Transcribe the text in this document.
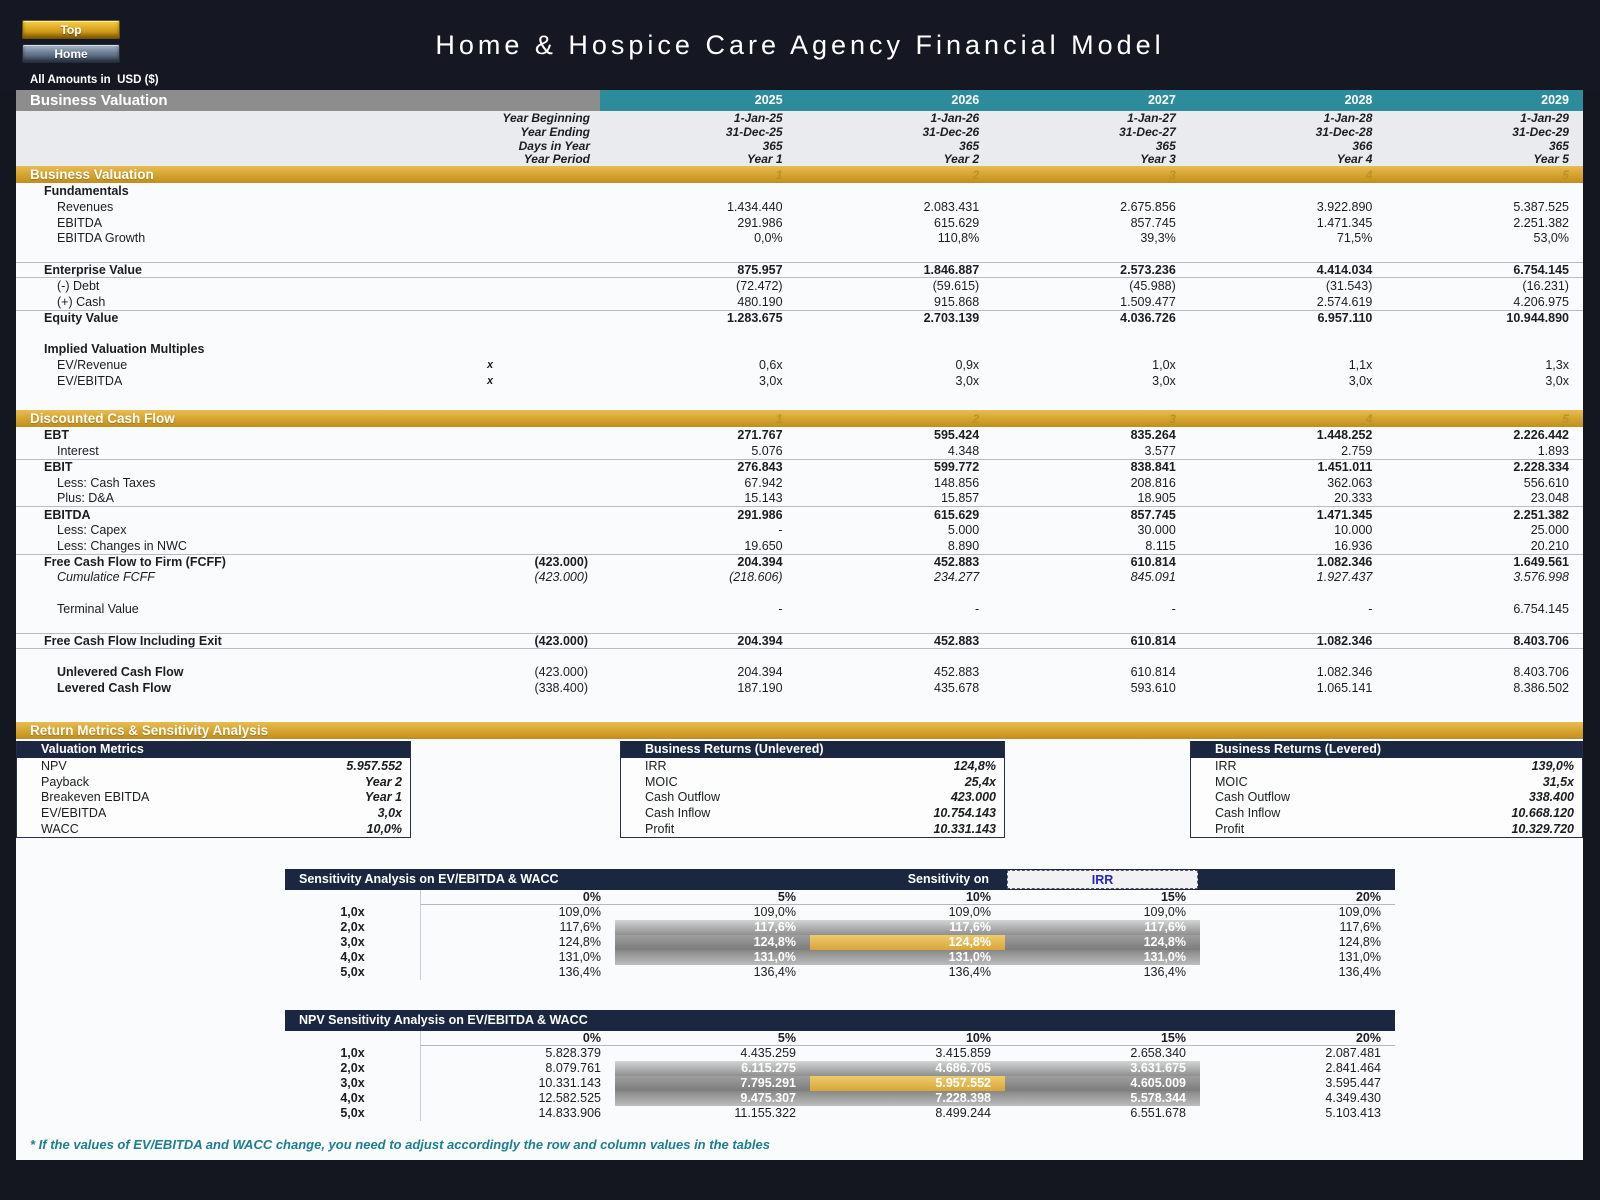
Top
Home	Home & Hospice Care Agency Financial Model
All Amounts in  USD ($)
Business Valuation	2025	2026	2027	2028	2029
Year Beginning	1-Jan-25	1-Jan-26	1-Jan-27	1-Jan-28	1-Jan-29
Year Ending	31-Dec-25	31-Dec-26	31-Dec-27	31-Dec-28	31-Dec-29
Days in Year	365	365	365	366	365
Year Period	Year 1	Year 2	Year 3	Year 4	Year 5
Business Valuation	1	2	3	4	5
Fundamentals
Revenues	1.434.440	2.083.431	2.675.856	3.922.890	5.387.525
EBITDA	291.986	615.629	857.745	1.471.345	2.251.382
EBITDA Growth	0,0%	110,8%	39,3%	71,5%	53,0%
Enterprise Value	875.957	1.846.887	2.573.236	4.414.034	6.754.145
(-) Debt	(72.472)	(59.615)	(45.988)	(31.543)	(16.231)
(+) Cash	480.190	915.868	1.509.477	2.574.619	4.206.975
Equity Value	1.283.675	2.703.139	4.036.726	6.957.110	10.944.890
Implied Valuation Multiples
EV/Revenue	x	0,6x	0,9x	1,0x	1,1x	1,3x
EV/EBITDA	x	3,0x	3,0x	3,0x	3,0x	3,0x
Discounted Cash Flow	1	2	3	4	5
EBT	271.767	595.424	835.264	1.448.252	2.226.442
Interest	5.076	4.348	3.577	2.759	1.893
EBIT	276.843	599.772	838.841	1.451.011	2.228.334
Less: Cash Taxes	67.942	148.856	208.816	362.063	556.610
Plus: D&A	15.143	15.857	18.905	20.333	23.048
EBITDA	291.986	615.629	857.745	1.471.345	2.251.382
Less: Capex	-	5.000	30.000	10.000	25.000
Less: Changes in NWC	19.650	8.890	8.115	16.936	20.210
Free Cash Flow to Firm (FCFF)	(423.000)	204.394	452.883	610.814	1.082.346	1.649.561
Cumulatice FCFF	(423.000)	(218.606)	234.277	845.091	1.927.437	3.576.998
Terminal Value	-	-	-	-	6.754.145
Free Cash Flow Including Exit	(423.000)	204.394	452.883	610.814	1.082.346	8.403.706
Unlevered Cash Flow	(423.000)	204.394	452.883	610.814	1.082.346	8.403.706
Levered Cash Flow	(338.400)	187.190	435.678	593.610	1.065.141	8.386.502
Return Metrics & Sensitivity Analysis
Valuation Metrics
NPV	5.957.552
Payback	Year 2
Breakeven EBITDA	Year 1
EV/EBITDA	3,0x
WACC	10,0%
Business Returns (Unlevered)
IRR	124,8%
MOIC	25,4x
Cash Outflow	423.000
Cash Inflow	10.754.143
Profit	10.331.143
Business Returns (Levered)
IRR	139,0%
MOIC	31,5x
Cash Outflow	338.400
Cash Inflow	10.668.120
Profit	10.329.720
Sensitivity Analysis on EV/EBITDA & WACC	Sensitivity on	IRR
0%	5%	10%	15%	20%
1,0x	109,0%	109,0%	109,0%	109,0%	109,0%
2,0x	117,6%	117,6%	117,6%	117,6%	117,6%
3,0x	124,8%	124,8%	124,8%	124,8%	124,8%
4,0x	131,0%	131,0%	131,0%	131,0%	131,0%
5,0x	136,4%	136,4%	136,4%	136,4%	136,4%
NPV Sensitivity Analysis on EV/EBITDA & WACC
0%	5%	10%	15%	20%
1,0x	5.828.379	4.435.259	3.415.859	2.658.340	2.087.481
2,0x	8.079.761	6.115.275	4.686.705	3.631.675	2.841.464
3,0x	10.331.143	7.795.291	5.957.552	4.605.009	3.595.447
4,0x	12.582.525	9.475.307	7.228.398	5.578.344	4.349.430
5,0x	14.833.906	11.155.322	8.499.244	6.551.678	5.103.413
* If the values of EV/EBITDA and WACC change, you need to adjust accordingly the row and column values in the tables
